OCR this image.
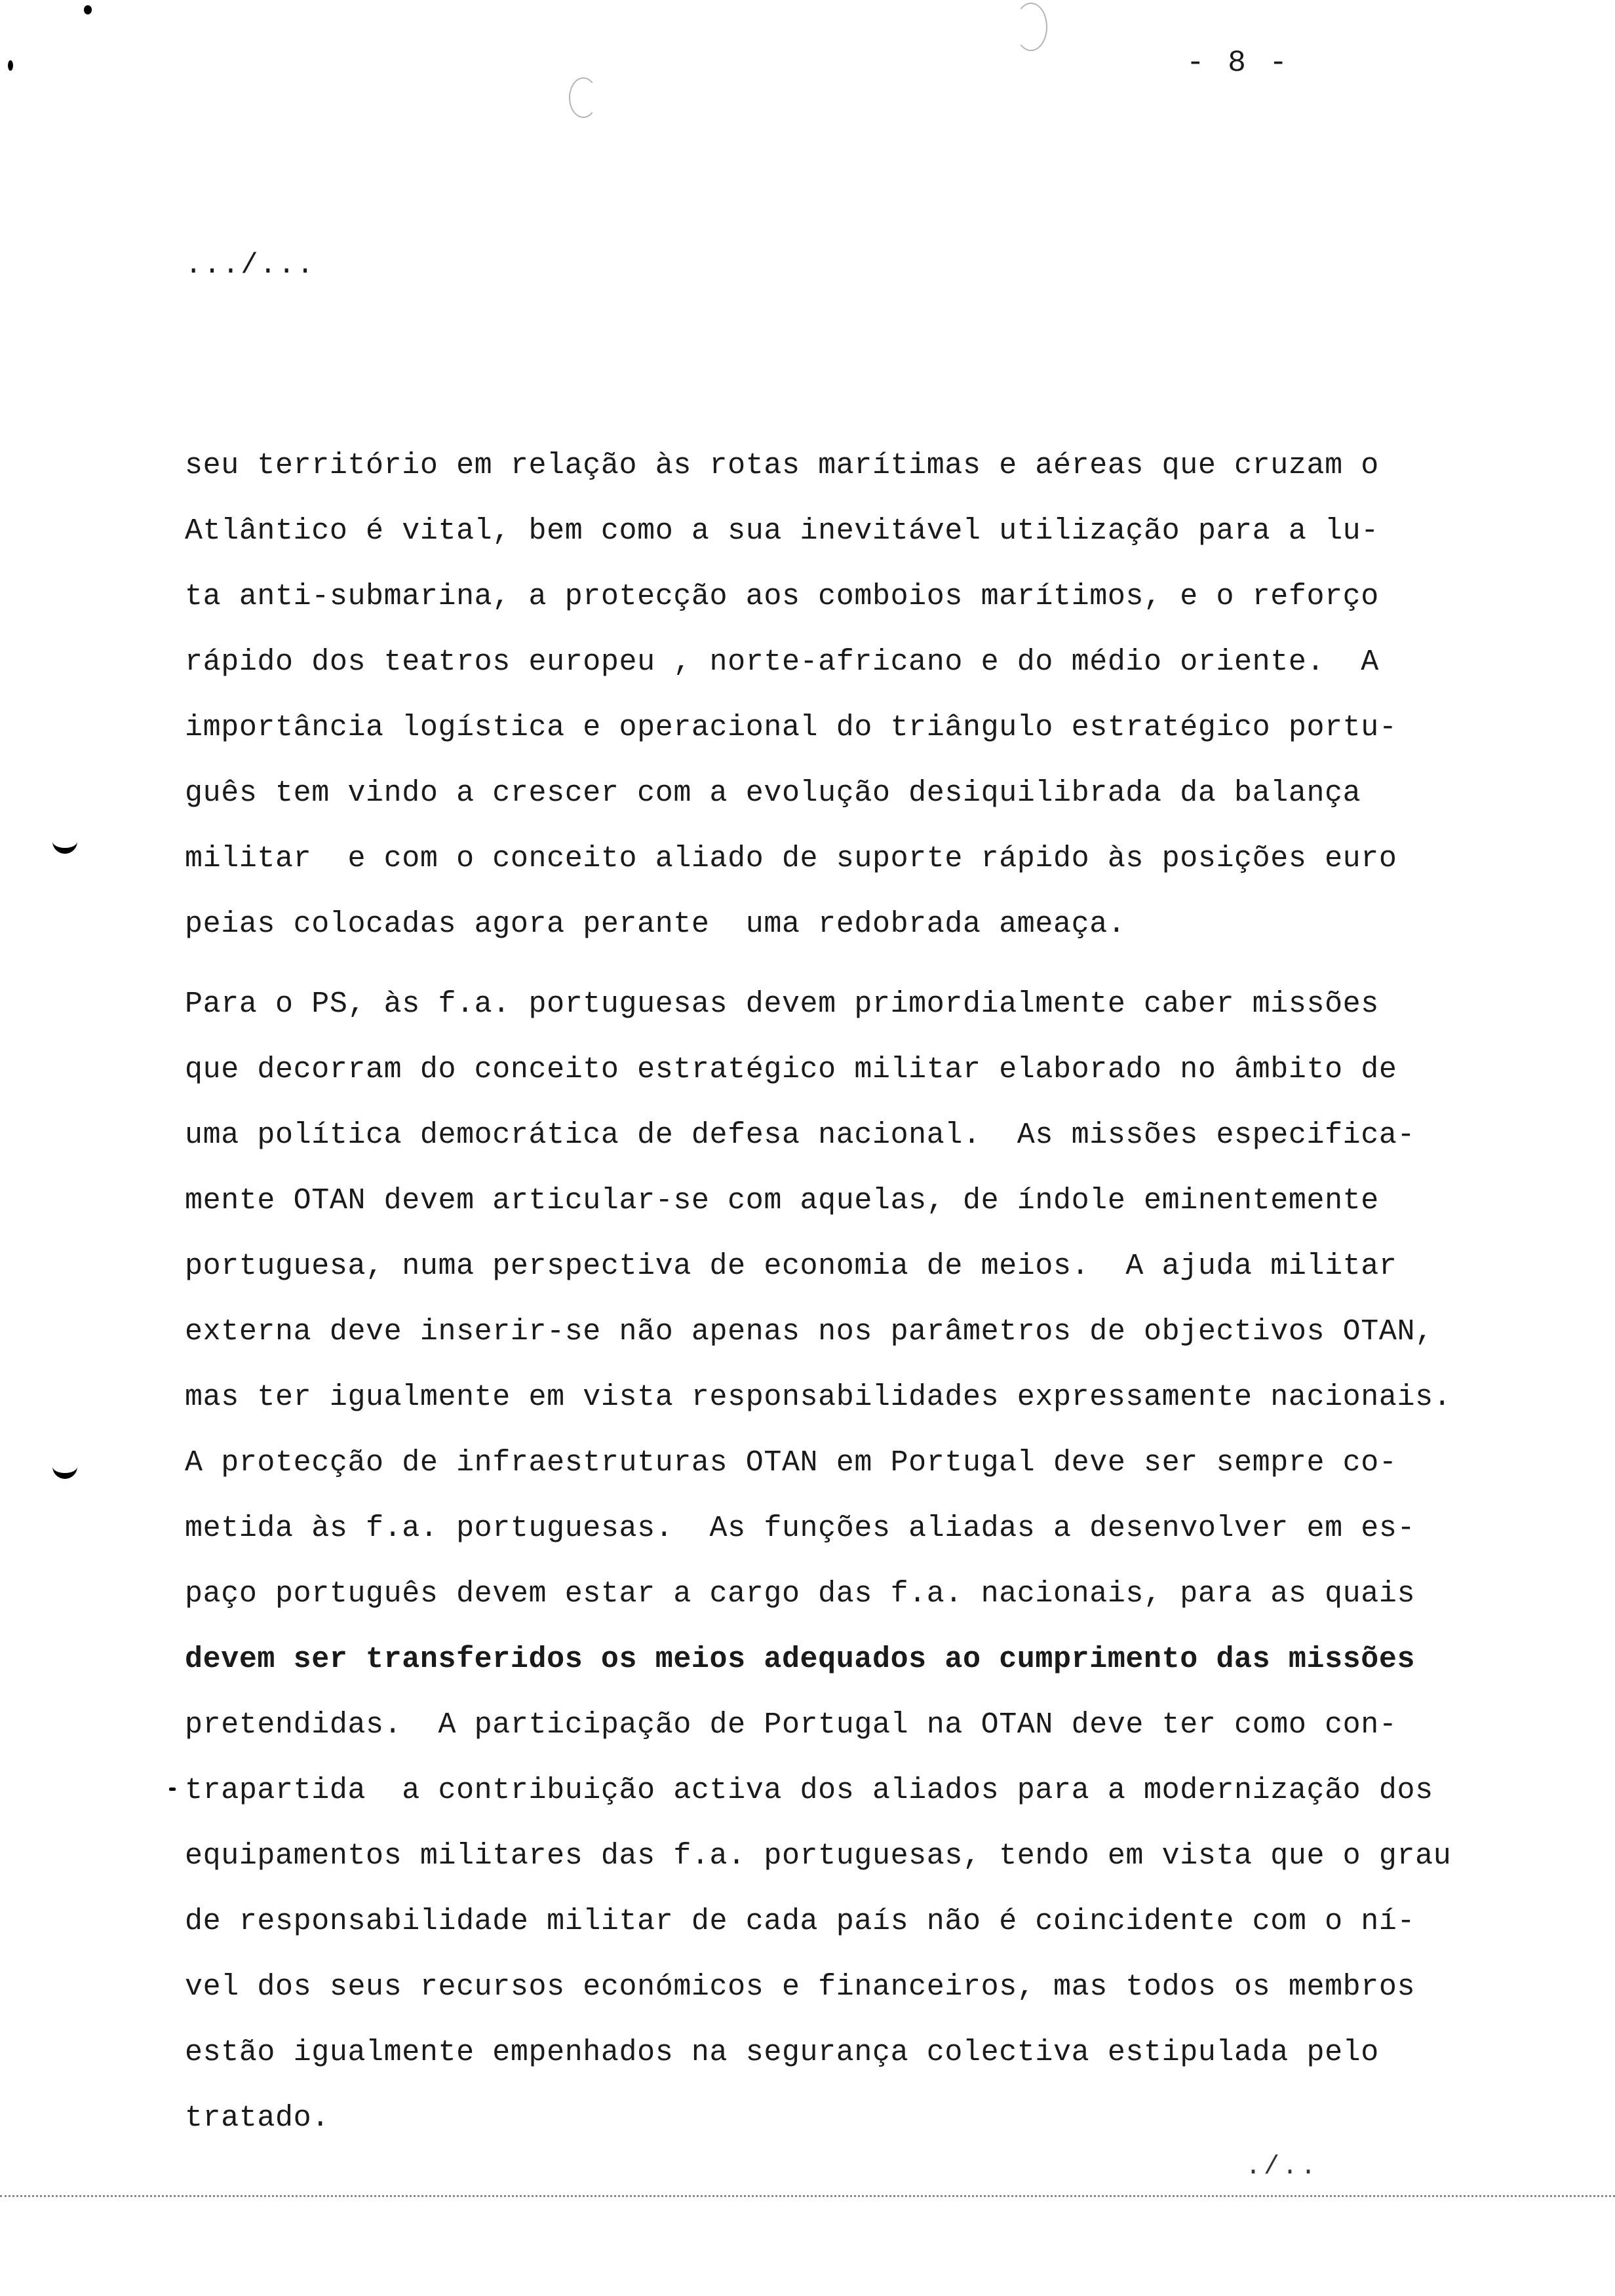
- 8 -
.../...
seu território em relação às rotas marítimas e aéreas que cruzam o
Atlântico é vital, bem como a sua inevitável utilização para a lu-
ta anti-submarina, a protecção aos comboios marítimos, e o reforço
rápido dos teatros europeu , norte-africano e do médio oriente.  A
importância logística e operacional do triângulo estratégico portu-
guês tem vindo a crescer com a evolução desiquilibrada da balança
militar  e com o conceito aliado de suporte rápido às posições euro
peias colocadas agora perante  uma redobrada ameaça.
Para o PS, às f.a. portuguesas devem primordialmente caber missões
que decorram do conceito estratégico militar elaborado no âmbito de
uma política democrática de defesa nacional.  As missões especifica-
mente OTAN devem articular-se com aquelas, de índole eminentemente
portuguesa, numa perspectiva de economia de meios.  A ajuda militar
externa deve inserir-se não apenas nos parâmetros de objectivos OTAN,
mas ter igualmente em vista responsabilidades expressamente nacionais.
A protecção de infraestruturas OTAN em Portugal deve ser sempre co-
metida às f.a. portuguesas.  As funções aliadas a desenvolver em es-
paço português devem estar a cargo das f.a. nacionais, para as quais
devem ser transferidos os meios adequados ao cumprimento das missões
pretendidas.  A participação de Portugal na OTAN deve ter como con-
trapartida  a contribuição activa dos aliados para a modernização dos
equipamentos militares das f.a. portuguesas, tendo em vista que o grau
de responsabilidade militar de cada país não é coincidente com o ní-
vel dos seus recursos económicos e financeiros, mas todos os membros
estão igualmente empenhados na segurança colectiva estipulada pelo
tratado.
./..
